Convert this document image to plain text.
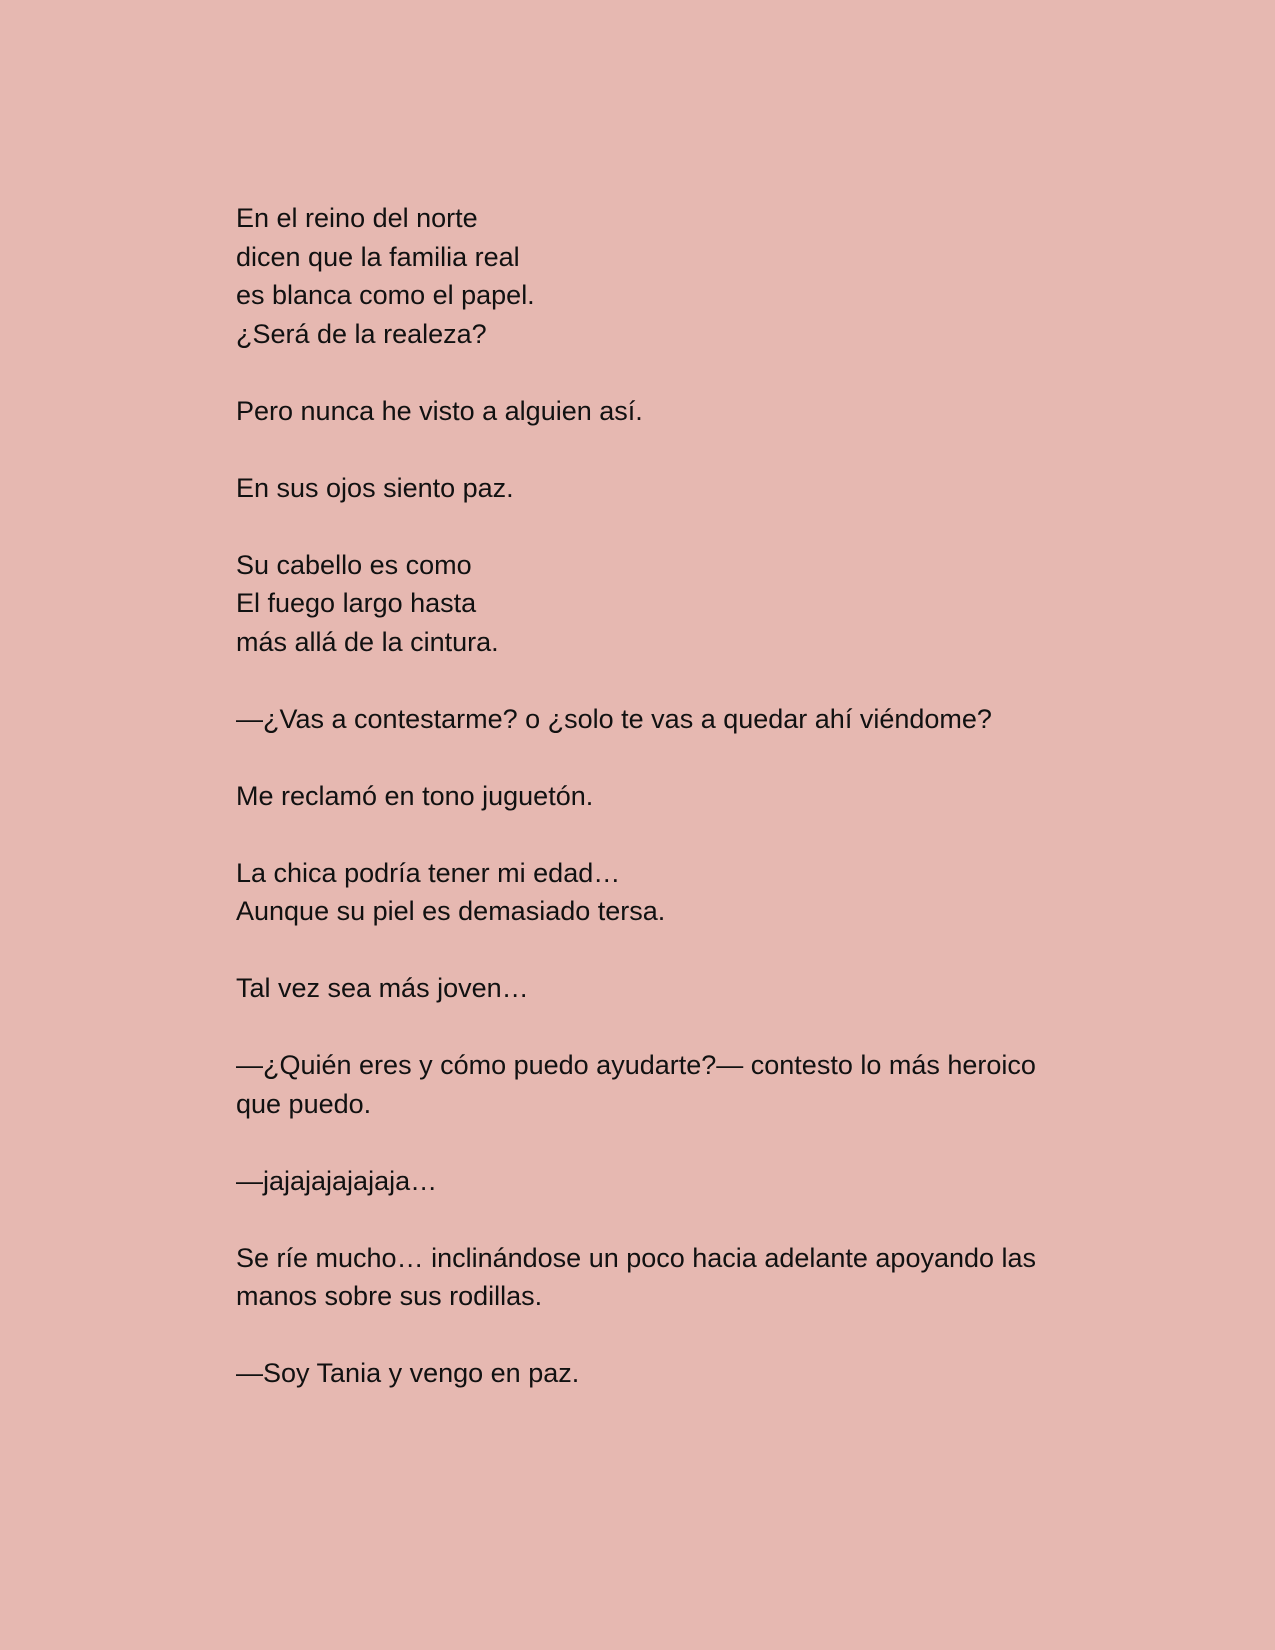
En el reino del norte
dicen que la familia real
es blanca como el papel.
¿Será de la realeza?

Pero nunca he visto a alguien así.

En sus ojos siento paz.

Su cabello es como
El fuego largo hasta
más allá de la cintura.

—¿Vas a contestarme? o ¿solo te vas a quedar ahí viéndome?

Me reclamó en tono juguetón.

La chica podría tener mi edad…
Aunque su piel es demasiado tersa.

Tal vez sea más joven…

—¿Quién eres y cómo puedo ayudarte?— contesto lo más heroico
que puedo.

—jajajajajajaja…

Se ríe mucho… inclinándose un poco hacia adelante apoyando las
manos sobre sus rodillas.

—Soy Tania y vengo en paz.
